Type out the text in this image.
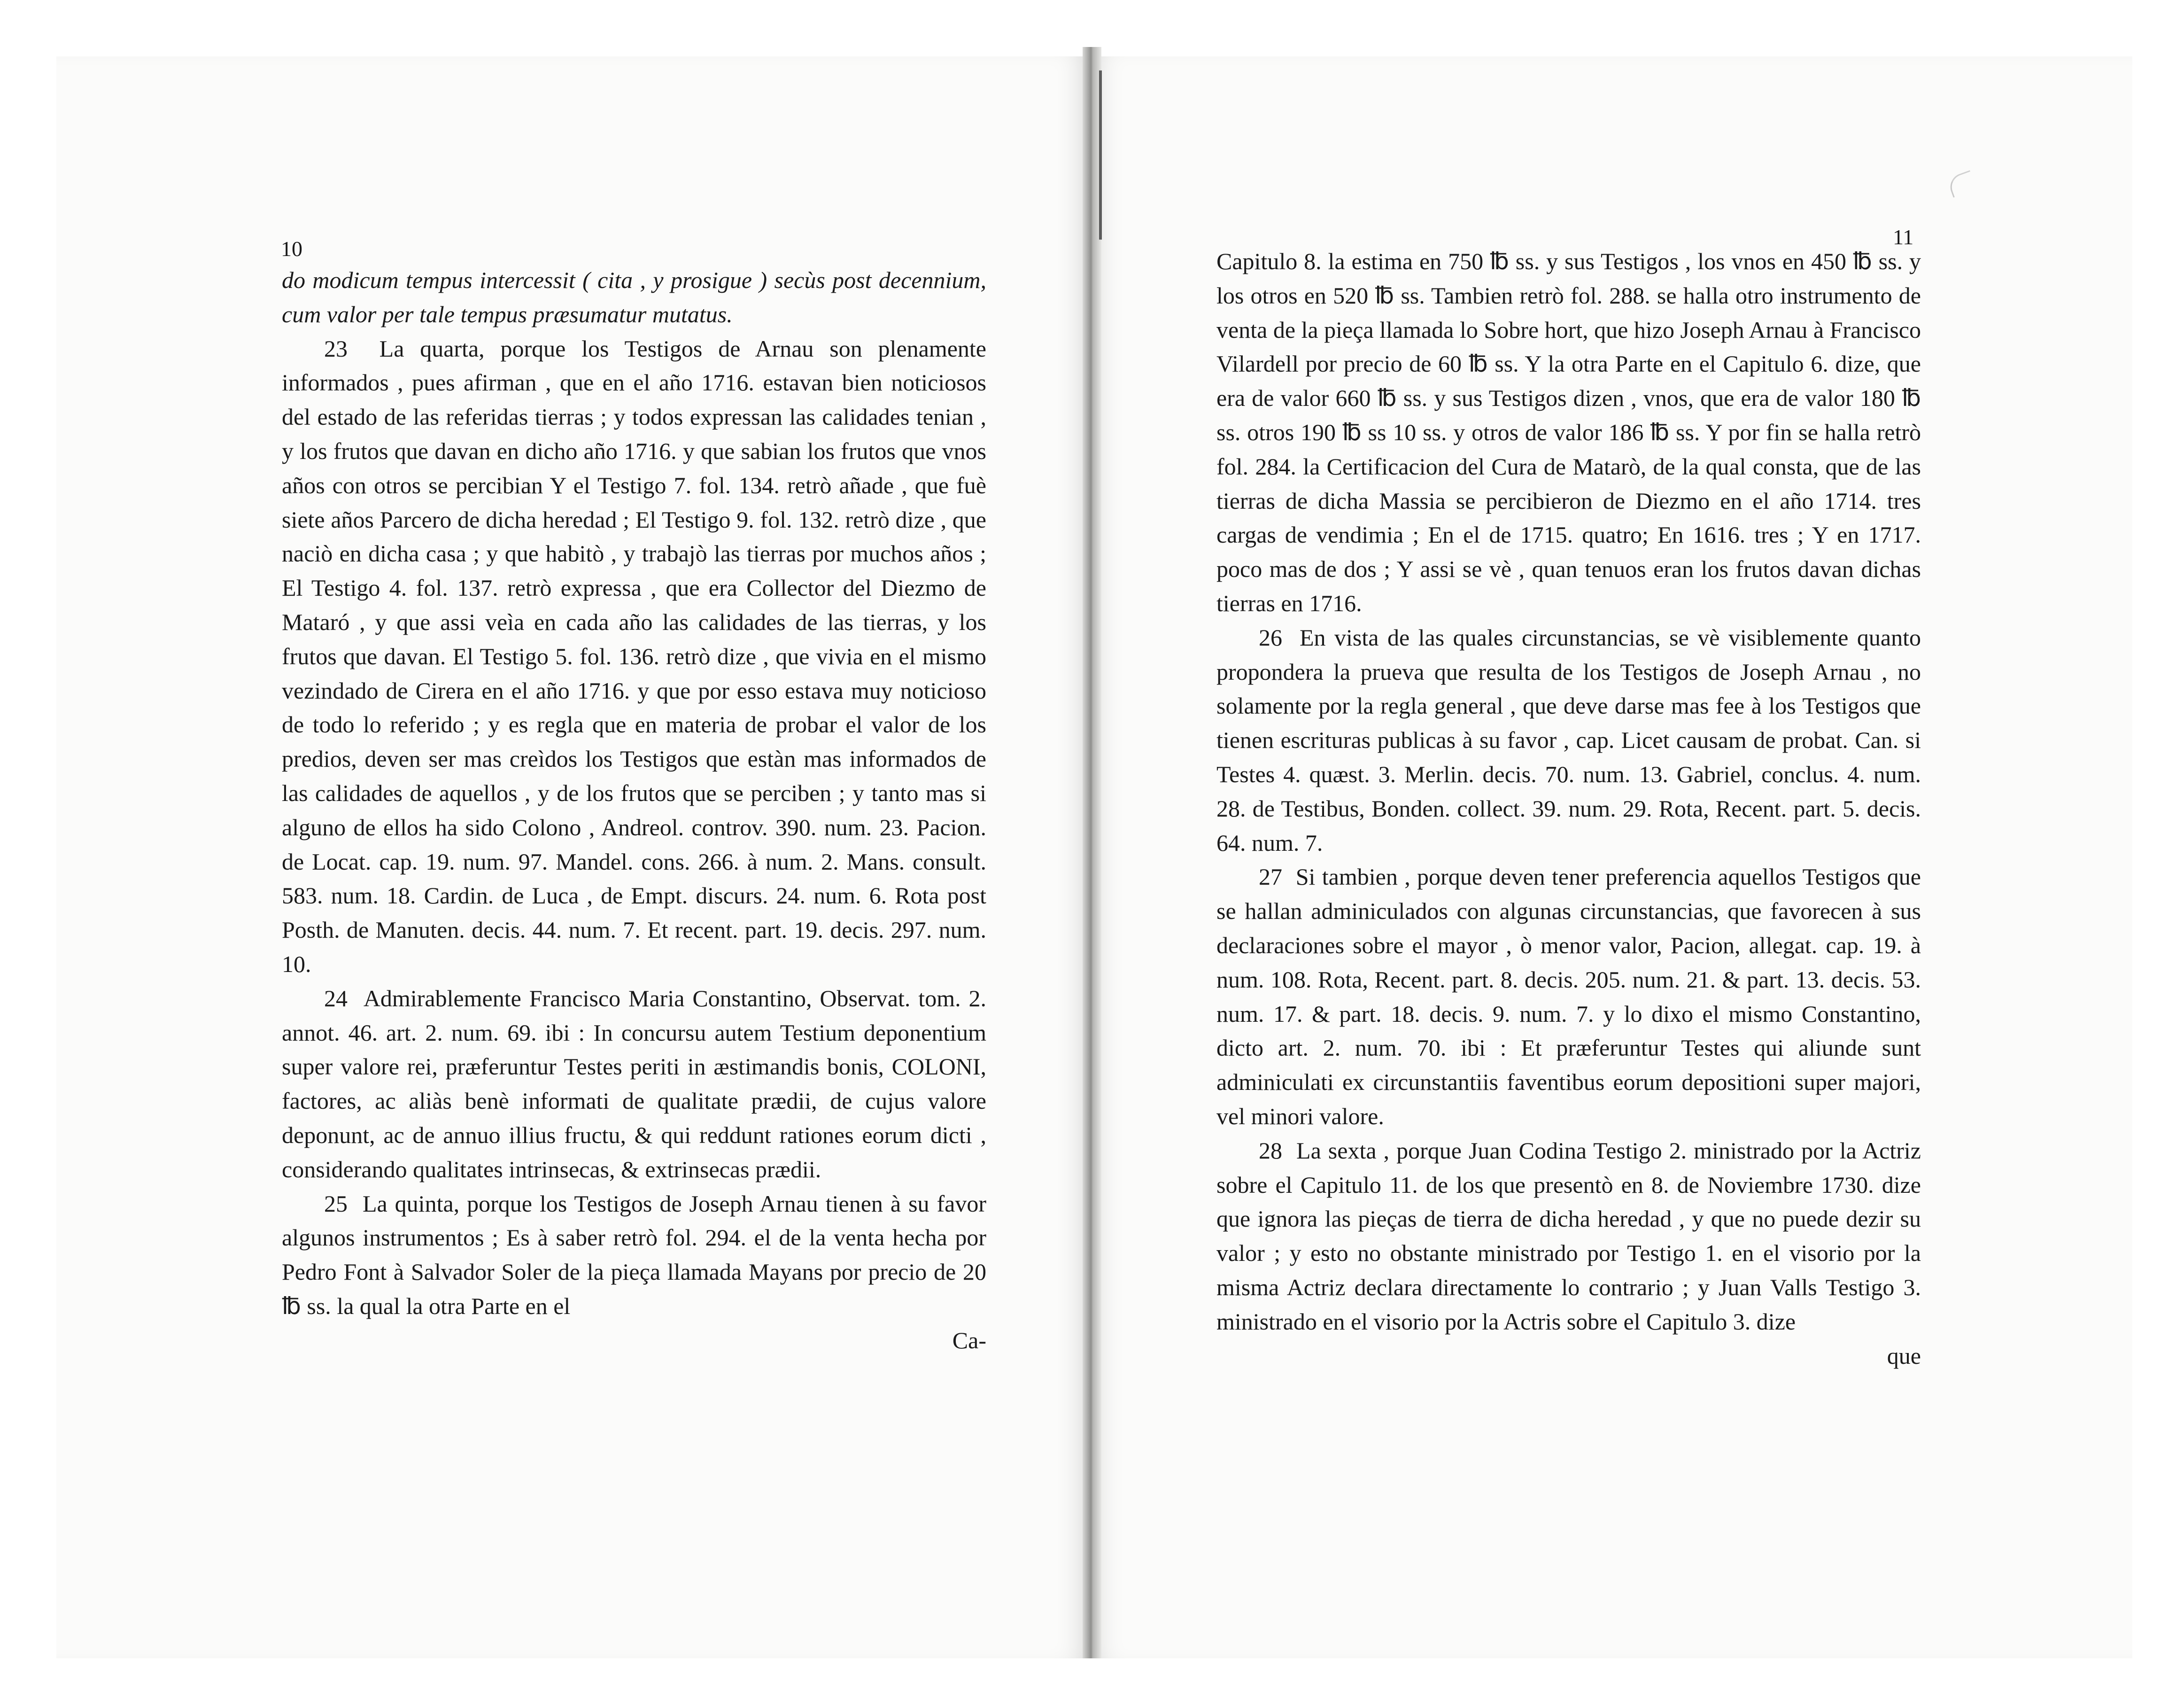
10

do modicum tempus intercessit ( cita , y prosigue ) secùs post decennium, cum valor per tale tempus præsumatur mutatus.

23 La quarta, porque los Testigos de Arnau son plenamente informados , pues afirman , que en el año 1716. estavan bien noticiosos del estado de las referidas tierras ; y todos expressan las calidades tenian , y los frutos que davan en dicho año 1716. y que sabian los frutos que vnos años con otros se percibian Y el Testigo 7. fol. 134. retrò añade , que fuè siete años Parcero de dicha heredad ; El Testigo 9. fol. 132. retrò dize , que naciò en dicha casa ; y que habitò , y trabajò las tierras por muchos años ; El Testigo 4. fol. 137. retrò expressa , que era Collector del Diezmo de Mataró , y que assi veìa en cada año las calidades de las tierras, y los frutos que davan. El Testigo 5. fol. 136. retrò dize , que vivia en el mismo vezindado de Cirera en el año 1716. y que por esso estava muy noticioso de todo lo referido ; y es regla que en materia de probar el valor de los predios, deven ser mas creìdos los Testigos que estàn mas informados de las calidades de aquellos , y de los frutos que se perciben ; y tanto mas si alguno de ellos ha sido Colono , Andreol. controv. 390. num. 23. Pacion. de Locat. cap. 19. num. 97. Mandel. cons. 266. à num. 2. Mans. consult. 583. num. 18. Cardin. de Luca , de Empt. discurs. 24. num. 6. Rota post Posth. de Manuten. decis. 44. num. 7. Et recent. part. 19. decis. 297. num. 10.

24 Admirablemente Francisco Maria Constantino, Observat. tom. 2. annot. 46. art. 2. num. 69. ibi : In concursu autem Testium deponentium super valore rei, præferuntur Testes periti in æstimandis bonis, COLONI, factores, ac aliàs benè informati de qualitate prædii, de cujus valore deponunt, ac de annuo illius fructu, & qui reddunt rationes eorum dicti , considerando qualitates intrinsecas, & extrinsecas prædii.

25 La quinta, porque los Testigos de Joseph Arnau tienen à su favor algunos instrumentos ; Es à saber retrò fol. 294. el de la venta hecha por Pedro Font à Salvador Soler de la pieça llamada Mayans por precio de 20 ℔ ss. la qual la otra Parte en el

Ca-

11

Capitulo 8. la estima en 750 ℔ ss. y sus Testigos , los vnos en 450 ℔ ss. y los otros en 520 ℔ ss. Tambien retrò fol. 288. se halla otro instrumento de venta de la pieça llamada lo Sobre hort, que hizo Joseph Arnau à Francisco Vilardell por precio de 60 ℔ ss. Y la otra Parte en el Capitulo 6. dize, que era de valor 660 ℔ ss. y sus Testigos dizen , vnos, que era de valor 180 ℔ ss. otros 190 ℔ ss 10 ss. y otros de valor 186 ℔ ss. Y por fin se halla retrò fol. 284. la Certificacion del Cura de Matarò, de la qual consta, que de las tierras de dicha Massia se percibieron de Diezmo en el año 1714. tres cargas de vendimia ; En el de 1715. quatro; En 1616. tres ; Y en 1717. poco mas de dos ; Y assi se vè , quan tenuos eran los frutos davan dichas tierras en 1716.

26 En vista de las quales circunstancias, se vè visiblemente quanto propondera la prueva que resulta de los Testigos de Joseph Arnau , no solamente por la regla general , que deve darse mas fee à los Testigos que tienen escrituras publicas à su favor , cap. Licet causam de probat. Can. si Testes 4. quæst. 3. Merlin. decis. 70. num. 13. Gabriel, conclus. 4. num. 28. de Testibus, Bonden. collect. 39. num. 29. Rota, Recent. part. 5. decis. 64. num. 7.

27 Si tambien , porque deven tener preferencia aquellos Testigos que se hallan adminiculados con algunas circunstancias, que favorecen à sus declaraciones sobre el mayor , ò menor valor, Pacion, allegat. cap. 19. à num. 108. Rota, Recent. part. 8. decis. 205. num. 21. & part. 13. decis. 53. num. 17. & part. 18. decis. 9. num. 7. y lo dixo el mismo Constantino, dicto art. 2. num. 70. ibi : Et præferuntur Testes qui aliunde sunt adminiculati ex circunstantiis faventibus eorum depositioni super majori, vel minori valore.

28 La sexta , porque Juan Codina Testigo 2. ministrado por la Actriz sobre el Capitulo 11. de los que presentò en 8. de Noviembre 1730. dize que ignora las pieças de tierra de dicha heredad , y que no puede dezir su valor ; y esto no obstante ministrado por Testigo 1. en el visorio por la misma Actriz declara directamente lo contrario ; y Juan Valls Testigo 3. ministrado en el visorio por la Actris sobre el Capitulo 3. dize

que
